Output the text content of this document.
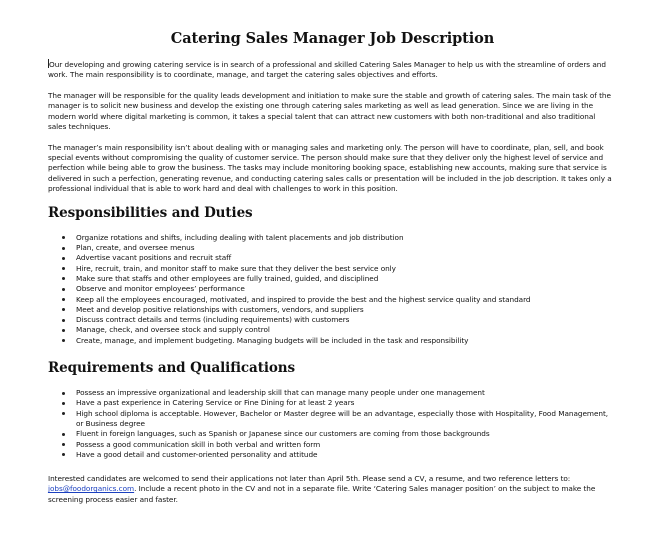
Catering Sales Manager Job Description

Our developing and growing catering service is in search of a professional and skilled Catering Sales Manager to help us with the streamline of orders and work. The main responsibility is to coordinate, manage, and target the catering sales objectives and efforts.

The manager will be responsible for the quality leads development and initiation to make sure the stable and growth of catering sales. The main task of the manager is to solicit new business and develop the existing one through catering sales marketing as well as lead generation. Since we are living in the modern world where digital marketing is common, it takes a special talent that can attract new customers with both non-traditional and also traditional sales techniques.

The manager’s main responsibility isn’t about dealing with or managing sales and marketing only. The person will have to coordinate, plan, sell, and book special events without compromising the quality of customer service. The person should make sure that they deliver only the highest level of service and perfection while being able to grow the business. The tasks may include monitoring booking space, establishing new accounts, making sure that service is delivered in such a perfection, generating revenue, and conducting catering sales calls or presentation will be included in the job description. It takes only a professional individual that is able to work hard and deal with challenges to work in this position.

Responsibilities and Duties
Organize rotations and shifts, including dealing with talent placements and job distribution
Plan, create, and oversee menus
Advertise vacant positions and recruit staff
Hire, recruit, train, and monitor staff to make sure that they deliver the best service only
Make sure that staffs and other employees are fully trained, guided, and disciplined
Observe and monitor employees’ performance
Keep all the employees encouraged, motivated, and inspired to provide the best and the highest service quality and standard
Meet and develop positive relationships with customers, vendors, and suppliers
Discuss contract details and terms (including requirements) with customers
Manage, check, and oversee stock and supply control
Create, manage, and implement budgeting. Managing budgets will be included in the task and responsibility
Requirements and Qualifications
Possess an impressive organizational and leadership skill that can manage many people under one management
Have a past experience in Catering Service or Fine Dining for at least 2 years
High school diploma is acceptable. However, Bachelor or Master degree will be an advantage, especially those with Hospitality, Food Management, or Business degree
Fluent in foreign languages, such as Spanish or Japanese since our customers are coming from those backgrounds
Possess a good communication skill in both verbal and written form
Have a good detail and customer-oriented personality and attitude

Interested candidates are welcomed to send their applications not later than April 5th. Please send a CV, a resume, and two reference letters to: jobs@foodorganics.com. Include a recent photo in the CV and not in a separate file. Write ‘Catering Sales manager position’ on the subject to make the screening process easier and faster.
